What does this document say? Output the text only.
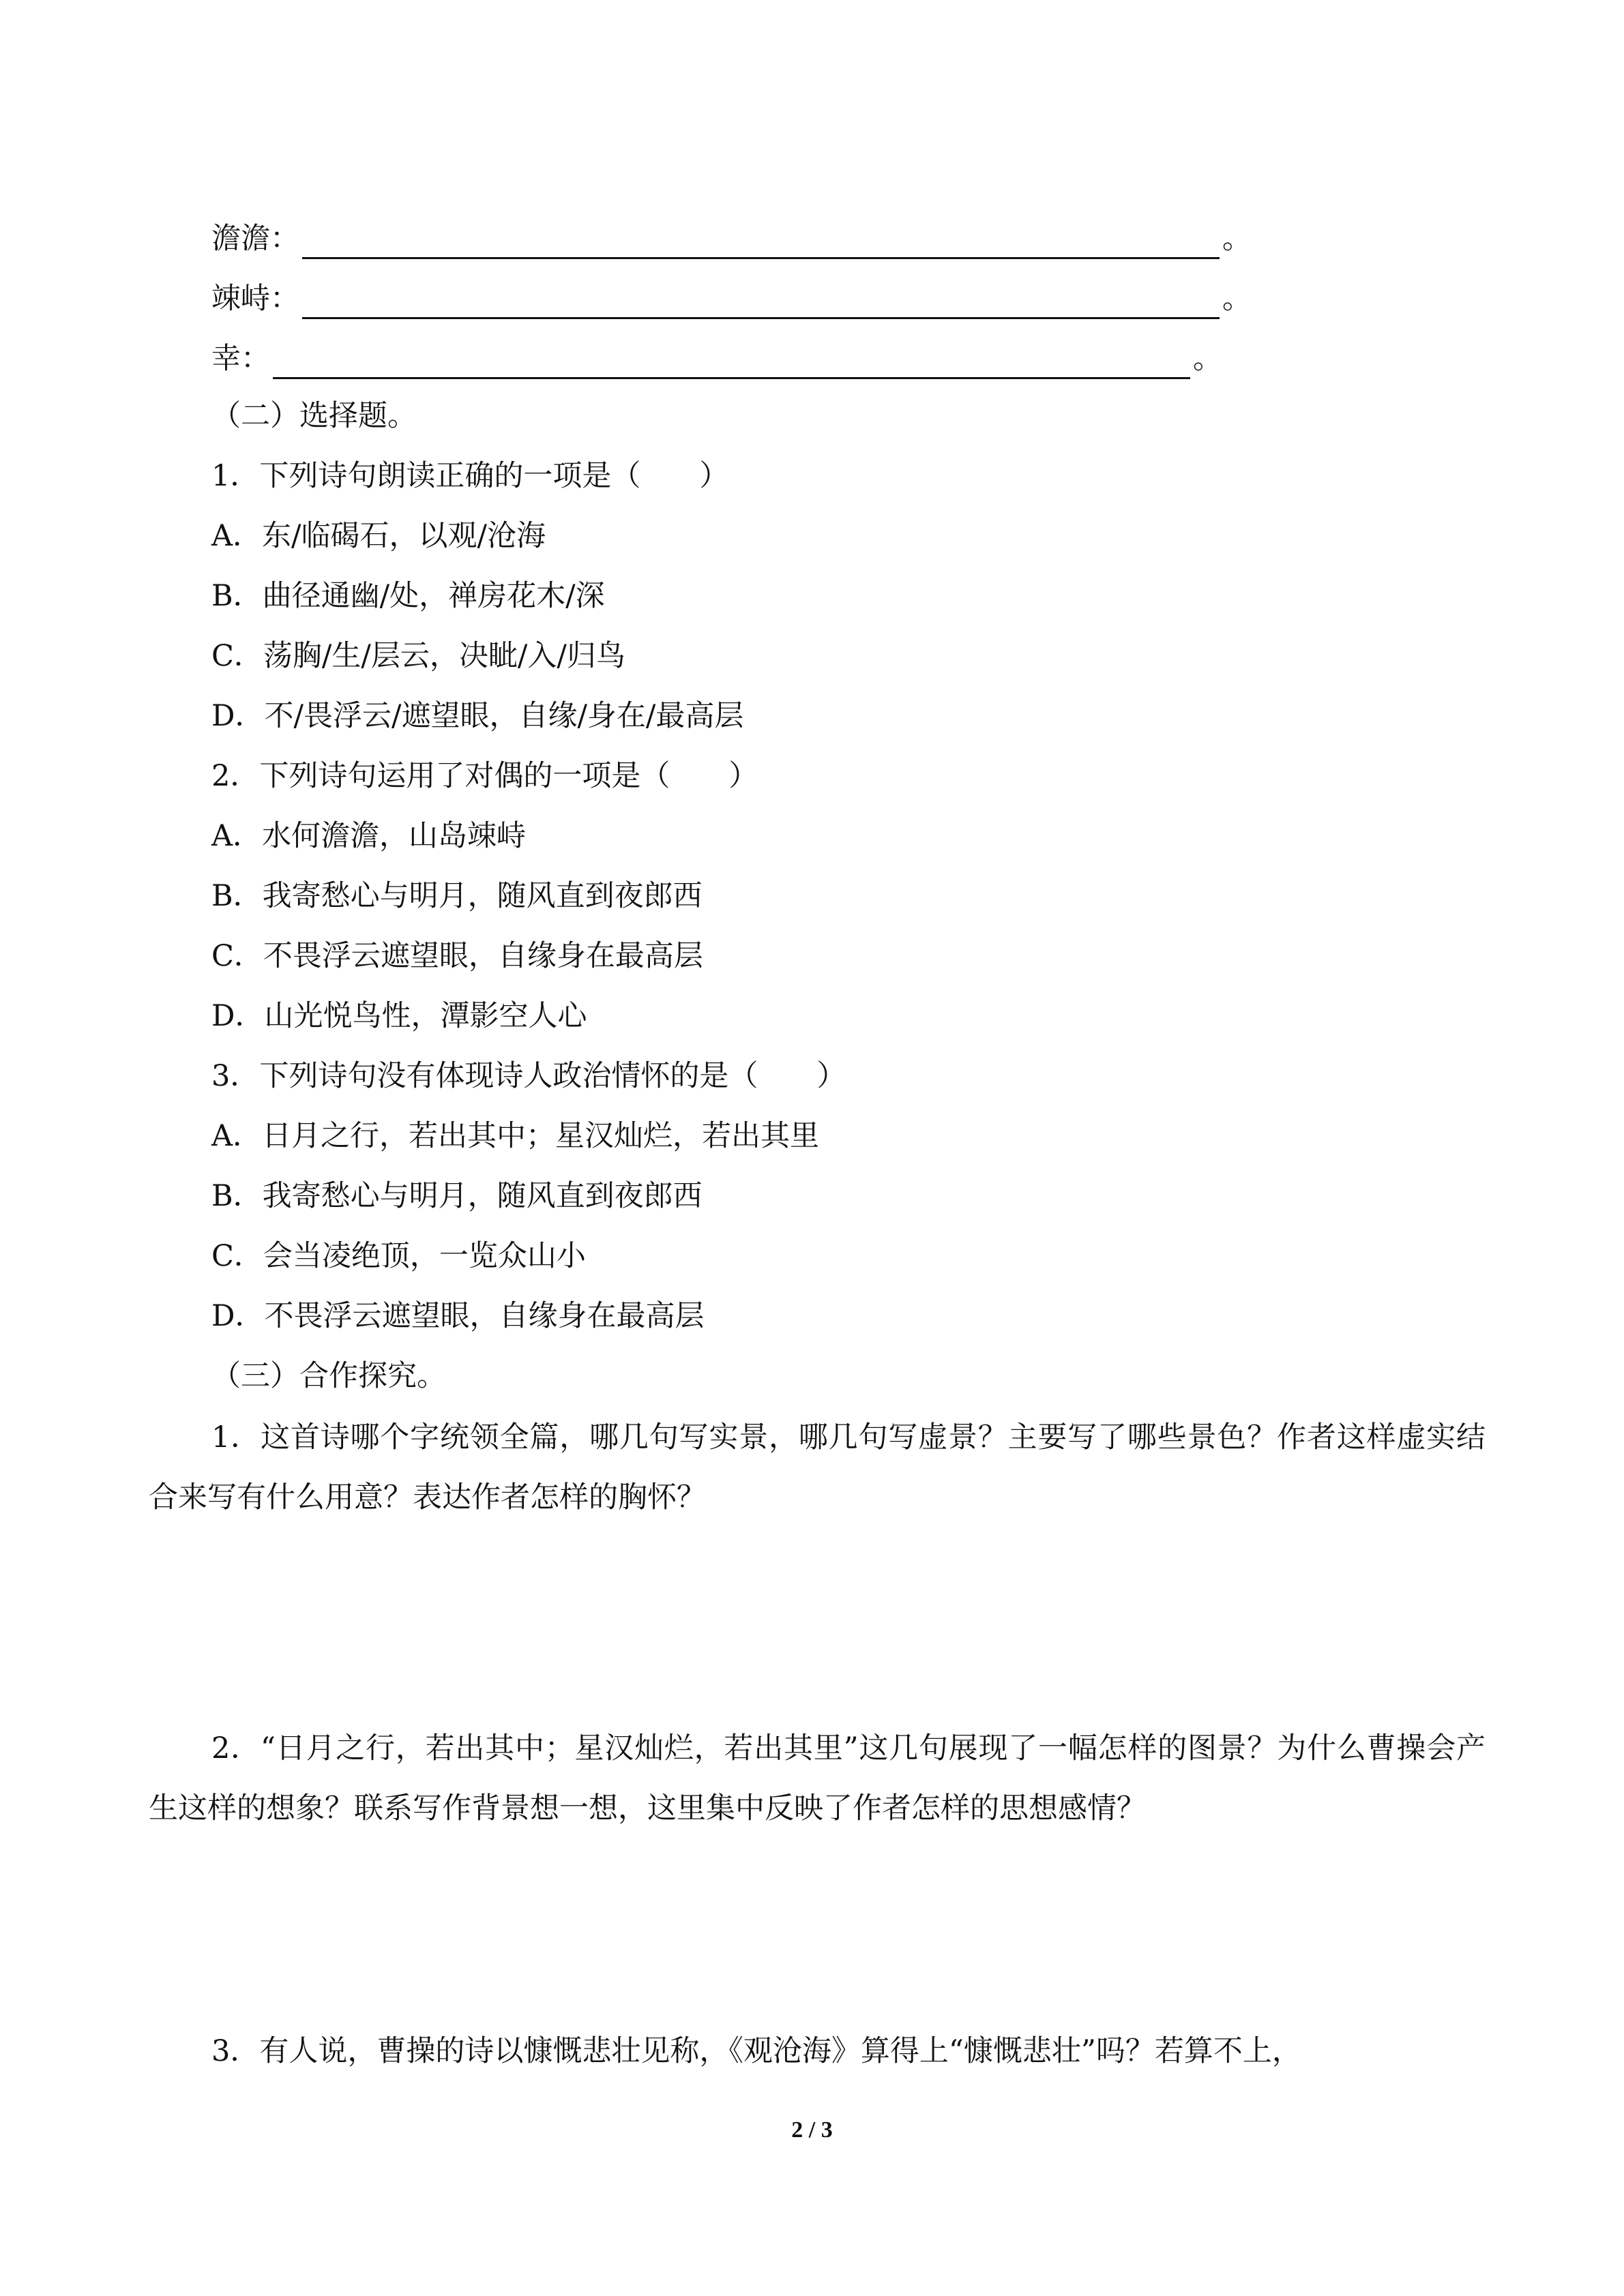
澹澹：	。
竦峙：	。
幸：	。
（二）选择题。
1．下列诗句朗读正确的一项是（　　）
A．东/临碣石，以观/沧海
B．曲径通幽/处，禅房花木/深
C．荡胸/生/层云，决眦/入/归鸟
D．不/畏浮云/遮望眼，自缘/身在/最高层
2．下列诗句运用了对偶的一项是（　　）
A．水何澹澹，山岛竦峙
B．我寄愁心与明月，随风直到夜郎西
C．不畏浮云遮望眼，自缘身在最高层
D．山光悦鸟性，潭影空人心
3．下列诗句没有体现诗人政治情怀的是（　　）
A．日月之行，若出其中；星汉灿烂，若出其里
B．我寄愁心与明月，随风直到夜郎西
C．会当凌绝顶，一览众山小
D．不畏浮云遮望眼，自缘身在最高层
（三）合作探究。
1．这首诗哪个字统领全篇，哪几句写实景，哪几句写虚景？主要写了哪些景色？作者这样虚实结合来写有什么用意？表达作者怎样的胸怀？
2．“日月之行，若出其中；星汉灿烂，若出其里”这几句展现了一幅怎样的图景？为什么曹操会产生这样的想象？联系写作背景想一想，这里集中反映了作者怎样的思想感情？
3．有人说，曹操的诗以慷慨悲壮见称，《观沧海》算得上“慷慨悲壮”吗？若算不上，
2 / 3
